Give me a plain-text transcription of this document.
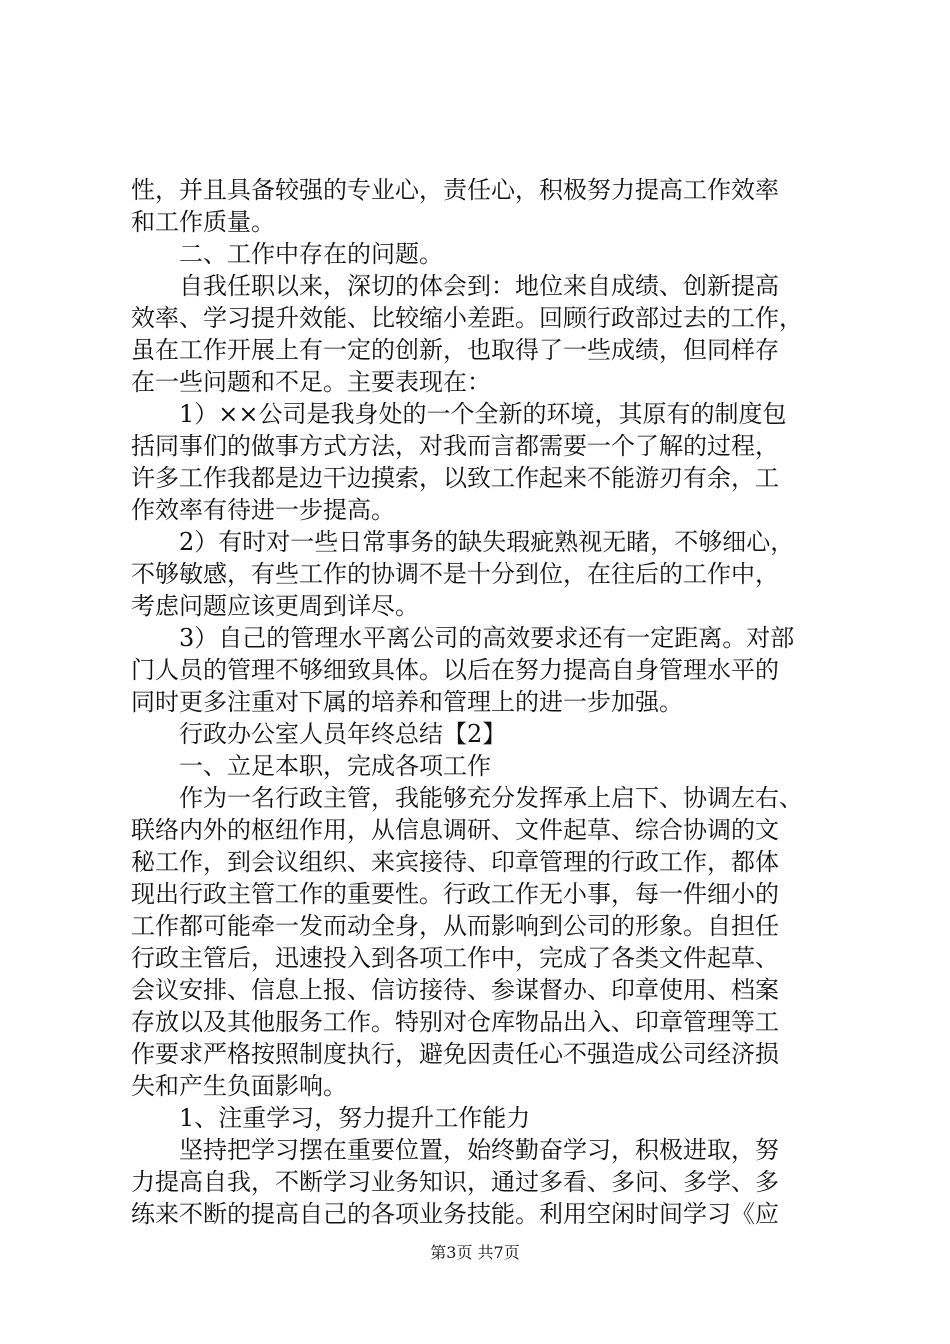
性，并且具备较强的专业心，责任心，积极努力提高工作效率
和工作质量。
　　二、工作中存在的问题。
　　自我任职以来，深切的体会到：地位来自成绩、创新提高
效率、学习提升效能、比较缩小差距。回顾行政部过去的工作，
虽在工作开展上有一定的创新，也取得了一些成绩，但同样存
在一些问题和不足。主要表现在：
　　1）××公司是我身处的一个全新的环境，其原有的制度包
括同事们的做事方式方法，对我而言都需要一个了解的过程，
许多工作我都是边干边摸索，以致工作起来不能游刃有余，工
作效率有待进一步提高。
　　2）有时对一些日常事务的缺失瑕疵熟视无睹，不够细心，
不够敏感，有些工作的协调不是十分到位，在往后的工作中，
考虑问题应该更周到详尽。
　　3）自己的管理水平离公司的高效要求还有一定距离。对部
门人员的管理不够细致具体。以后在努力提高自身管理水平的
同时更多注重对下属的培养和管理上的进一步加强。
　　行政办公室人员年终总结【2】
　　一、立足本职，完成各项工作
　　作为一名行政主管，我能够充分发挥承上启下、协调左右、
联络内外的枢纽作用，从信息调研、文件起草、综合协调的文
秘工作，到会议组织、来宾接待、印章管理的行政工作，都体
现出行政主管工作的重要性。行政工作无小事，每一件细小的
工作都可能牵一发而动全身，从而影响到公司的形象。自担任
行政主管后，迅速投入到各项工作中，完成了各类文件起草、
会议安排、信息上报、信访接待、参谋督办、印章使用、档案
存放以及其他服务工作。特别对仓库物品出入、印章管理等工
作要求严格按照制度执行，避免因责任心不强造成公司经济损
失和产生负面影响。
　　1、注重学习，努力提升工作能力
　　坚持把学习摆在重要位置，始终勤奋学习，积极进取，努
力提高自我，不断学习业务知识，通过多看、多问、多学、多
练来不断的提高自己的各项业务技能。利用空闲时间学习《应
第3页 共7页
